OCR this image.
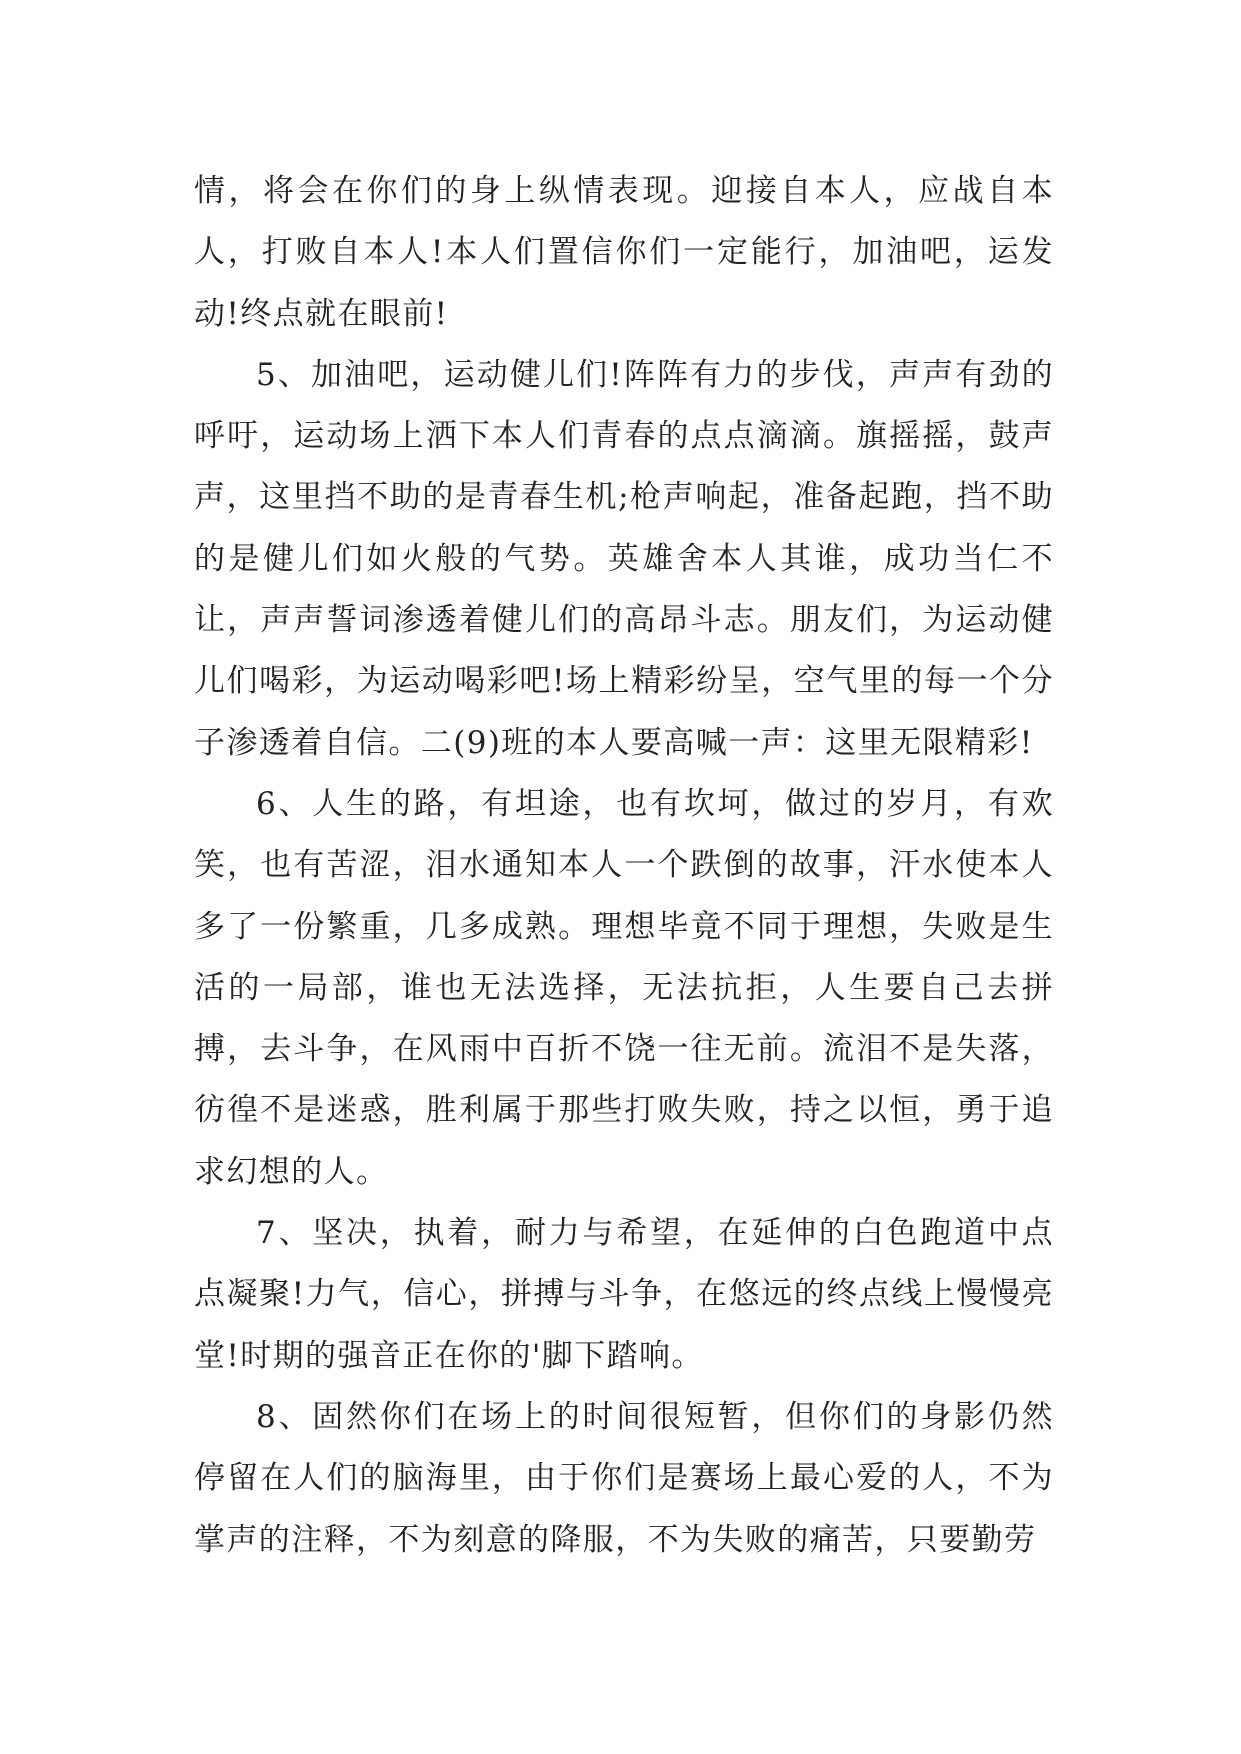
情，将会在你们的身上纵情表现。迎接自本人，应战自本人，打败自本人!本人们置信你们一定能行，加油吧，运发动!终点就在眼前!

5、加油吧，运动健儿们!阵阵有力的步伐，声声有劲的呼吁，运动场上洒下本人们青春的点点滴滴。旗摇摇，鼓声声，这里挡不助的是青春生机;枪声响起，准备起跑，挡不助的是健儿们如火般的气势。英雄舍本人其谁，成功当仁不让，声声誓词渗透着健儿们的高昂斗志。朋友们，为运动健儿们喝彩，为运动喝彩吧!场上精彩纷呈，空气里的每一个分子渗透着自信。二(9)班的本人要高喊一声：这里无限精彩!

6、人生的路，有坦途，也有坎坷，做过的岁月，有欢笑，也有苦涩，泪水通知本人一个跌倒的故事，汗水使本人多了一份繁重，几多成熟。理想毕竟不同于理想，失败是生活的一局部，谁也无法选择，无法抗拒，人生要自己去拼搏，去斗争，在风雨中百折不饶一往无前。流泪不是失落，彷徨不是迷惑，胜利属于那些打败失败，持之以恒，勇于追求幻想的人。

7、坚决，执着，耐力与希望，在延伸的白色跑道中点点凝聚!力气，信心，拼搏与斗争，在悠远的终点线上慢慢亮堂!时期的强音正在你的'脚下踏响。

8、固然你们在场上的时间很短暂，但你们的身影仍然停留在人们的脑海里，由于你们是赛场上最心爱的人，不为掌声的注释，不为刻意的降服，不为失败的痛苦，只要勤劳
